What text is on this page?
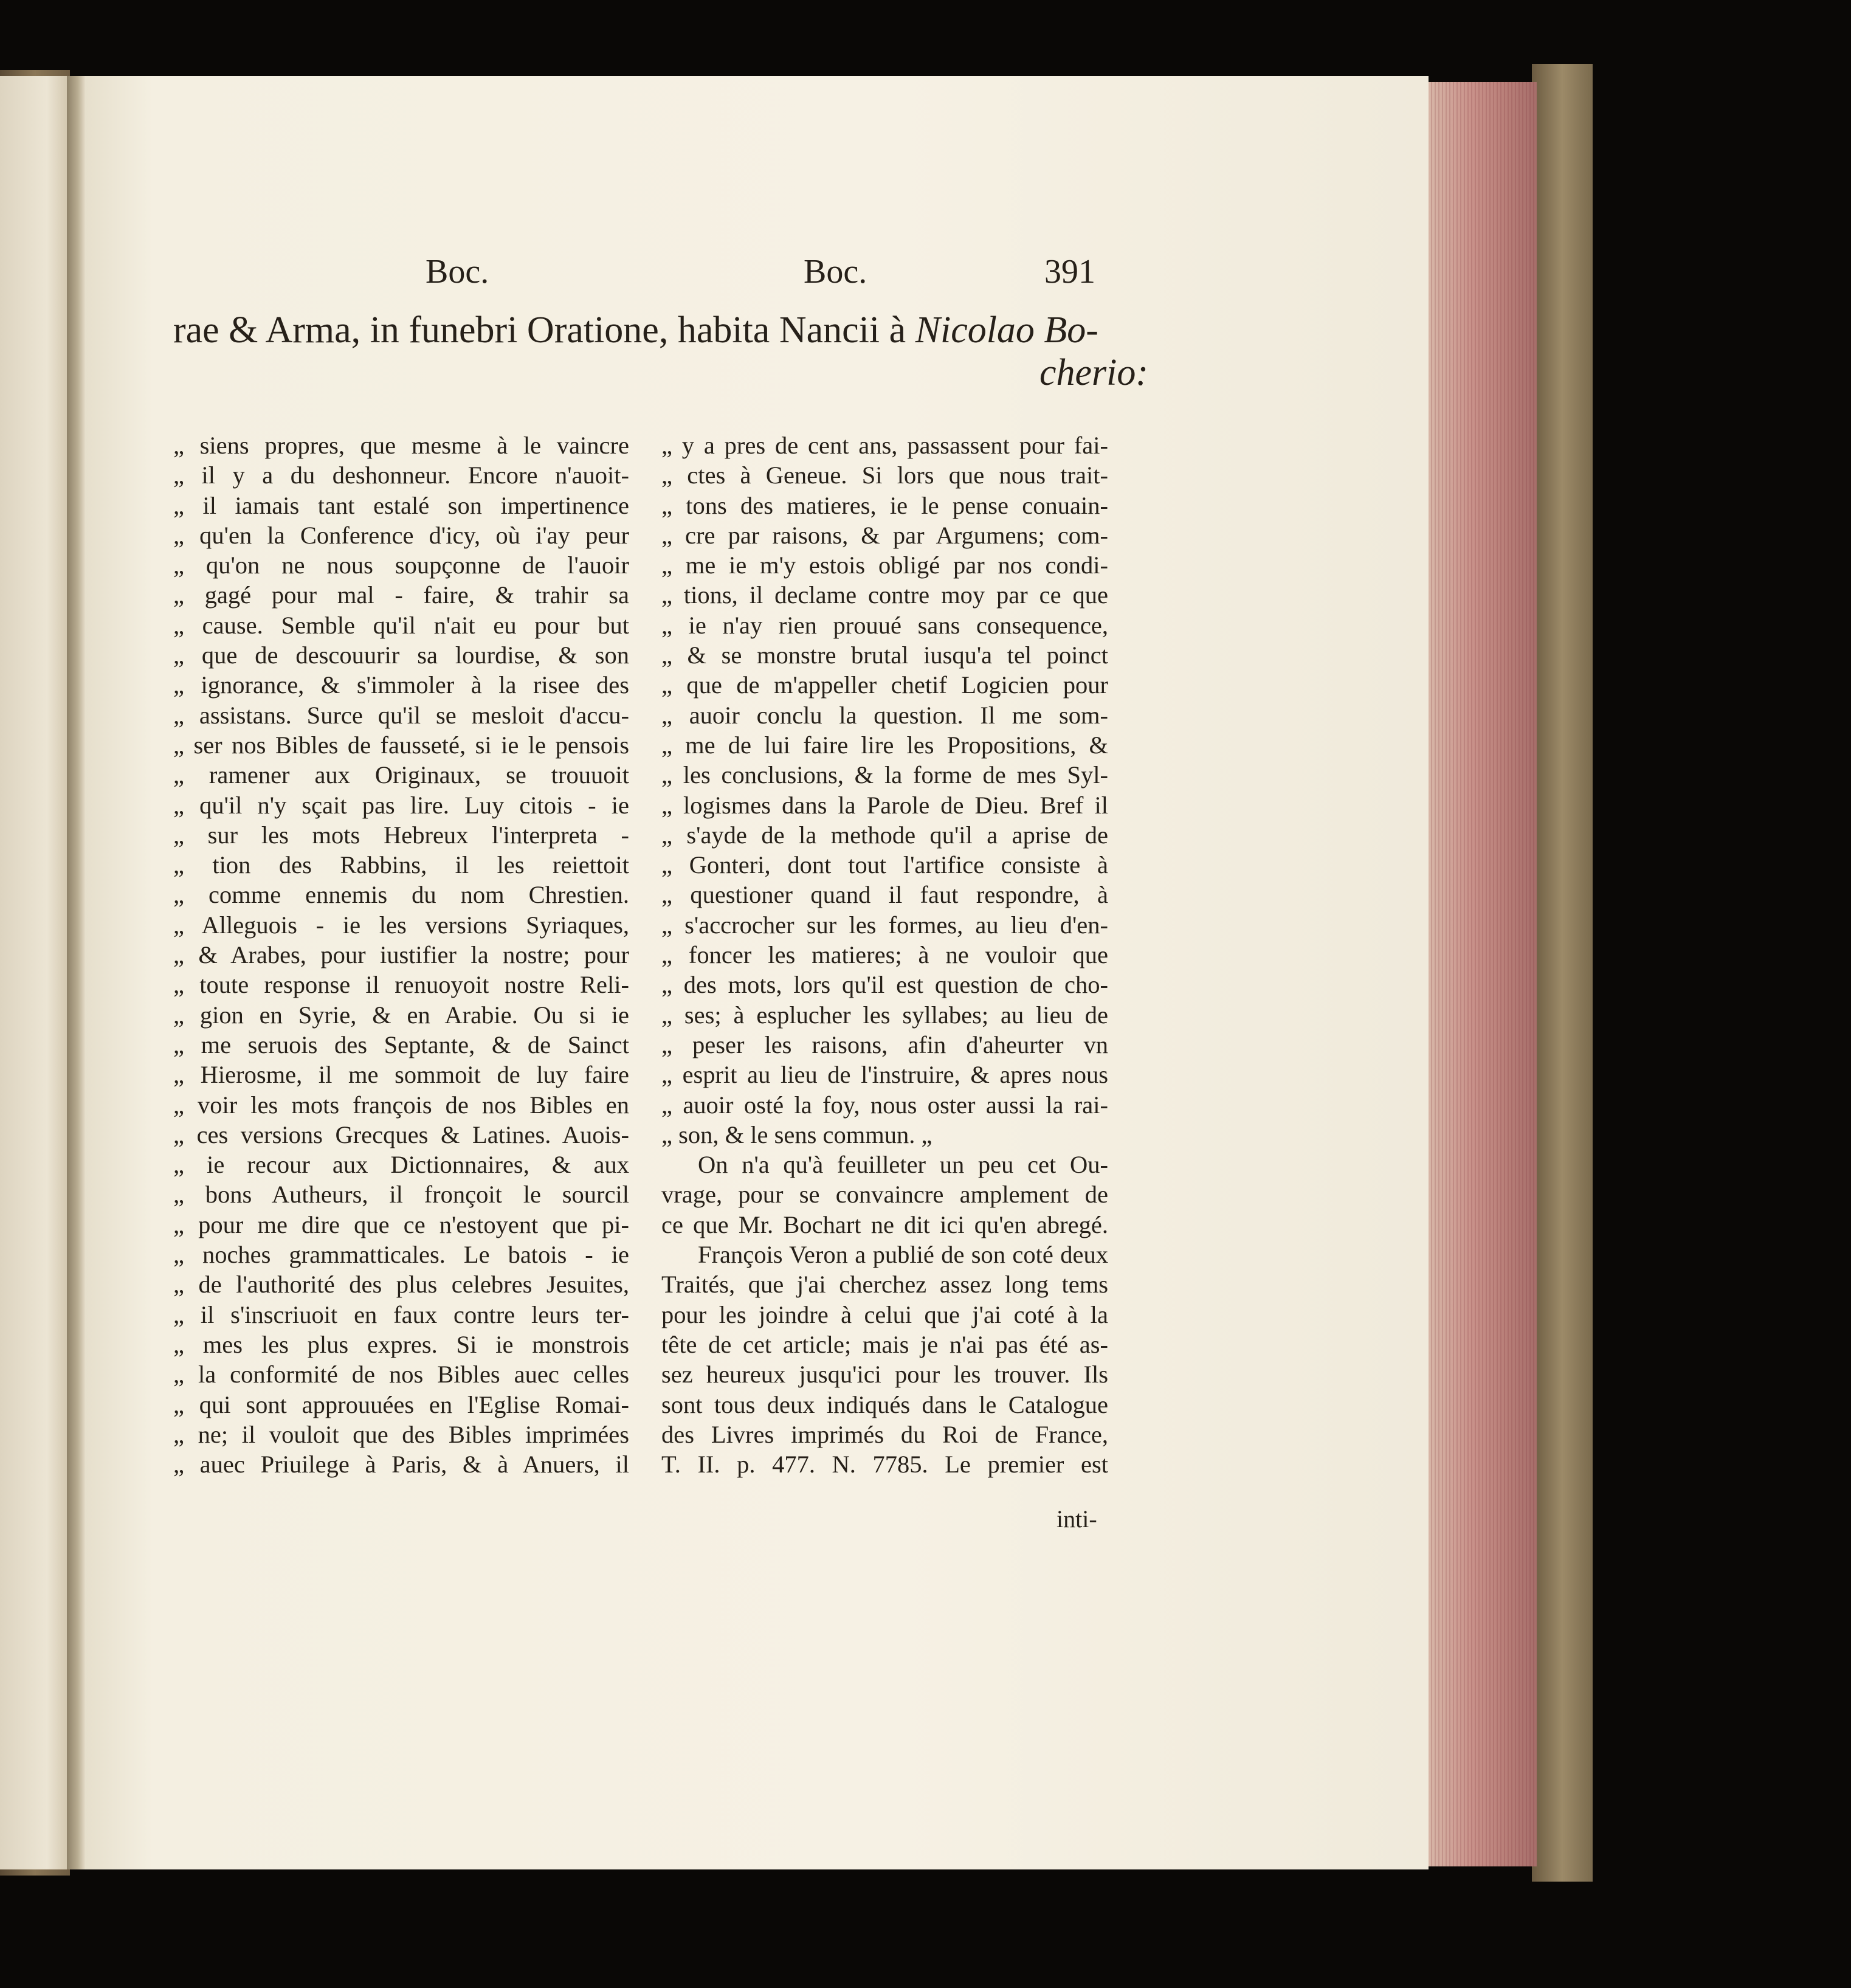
Boc.	Boc.	391
rae & Arma, in funebri Oratione, habita Nancii à Nicolao Bo-
cherio:
„ siens propres, que mesme à le vaincre
„ il y a du deshonneur. Encore n'auoit-
„ il iamais tant estalé son impertinence
„ qu'en la Conference d'icy, où i'ay peur
„ qu'on ne nous soupçonne de l'auoir
„ gagé pour mal - faire, & trahir sa
„ cause. Semble qu'il n'ait eu pour but
„ que de descouurir sa lourdise, & son
„ ignorance, & s'immoler à la risee des
„ assistans. Surce qu'il se mesloit d'accu-
„ ser nos Bibles de fausseté, si ie le pensois
„ ramener aux Originaux, se trouuoit
„ qu'il n'y sçait pas lire. Luy citois - ie
„ sur les mots Hebreux l'interpreta -
„ tion des Rabbins, il les reiettoit
„ comme ennemis du nom Chrestien.
„ Alleguois - ie les versions Syriaques,
„ & Arabes, pour iustifier la nostre; pour
„ toute response il renuoyoit nostre Reli-
„ gion en Syrie, & en Arabie. Ou si ie
„ me seruois des Septante, & de Sainct
„ Hierosme, il me sommoit de luy faire
„ voir les mots françois de nos Bibles en
„ ces versions Grecques & Latines. Auois-
„ ie recour aux Dictionnaires, & aux
„ bons Autheurs, il fronçoit le sourcil
„ pour me dire que ce n'estoyent que pi-
„ noches grammatticales. Le batois - ie
„ de l'authorité des plus celebres Jesuites,
„ il s'inscriuoit en faux contre leurs ter-
„ mes les plus expres. Si ie monstrois
„ la conformité de nos Bibles auec celles
„ qui sont approuuées en l'Eglise Romai-
„ ne; il vouloit que des Bibles imprimées
„ auec Priuilege à Paris, & à Anuers, il
„ y a pres de cent ans, passassent pour fai-
„ ctes à Geneue. Si lors que nous trait-
„ tons des matieres, ie le pense conuain-
„ cre par raisons, & par Argumens; com-
„ me ie m'y estois obligé par nos condi-
„ tions, il declame contre moy par ce que
„ ie n'ay rien prouué sans consequence,
„ & se monstre brutal iusqu'a tel poinct
„ que de m'appeller chetif Logicien pour
„ auoir conclu la question. Il me som-
„ me de lui faire lire les Propositions, &
„ les conclusions, & la forme de mes Syl-
„ logismes dans la Parole de Dieu. Bref il
„ s'ayde de la methode qu'il a aprise de
„ Gonteri, dont tout l'artifice consiste à
„ questioner quand il faut respondre, à
„ s'accrocher sur les formes, au lieu d'en-
„ foncer les matieres; à ne vouloir que
„ des mots, lors qu'il est question de cho-
„ ses; à esplucher les syllabes; au lieu de
„ peser les raisons, afin d'aheurter vn
„ esprit au lieu de l'instruire, & apres nous
„ auoir osté la foy, nous oster aussi la rai-
„ son, & le sens commun. „
On n'a qu'à feuilleter un peu cet Ou-
vrage, pour se convaincre amplement de
ce que Mr. Bochart ne dit ici qu'en abregé.
François Veron a publié de son coté deux
Traités, que j'ai cherchez assez long tems
pour les joindre à celui que j'ai coté à la
tête de cet article; mais je n'ai pas été as-
sez heureux jusqu'ici pour les trouver. Ils
sont tous deux indiqués dans le Catalogue
des Livres imprimés du Roi de France,
T. II. p. 477. N. 7785. Le premier est
inti-
